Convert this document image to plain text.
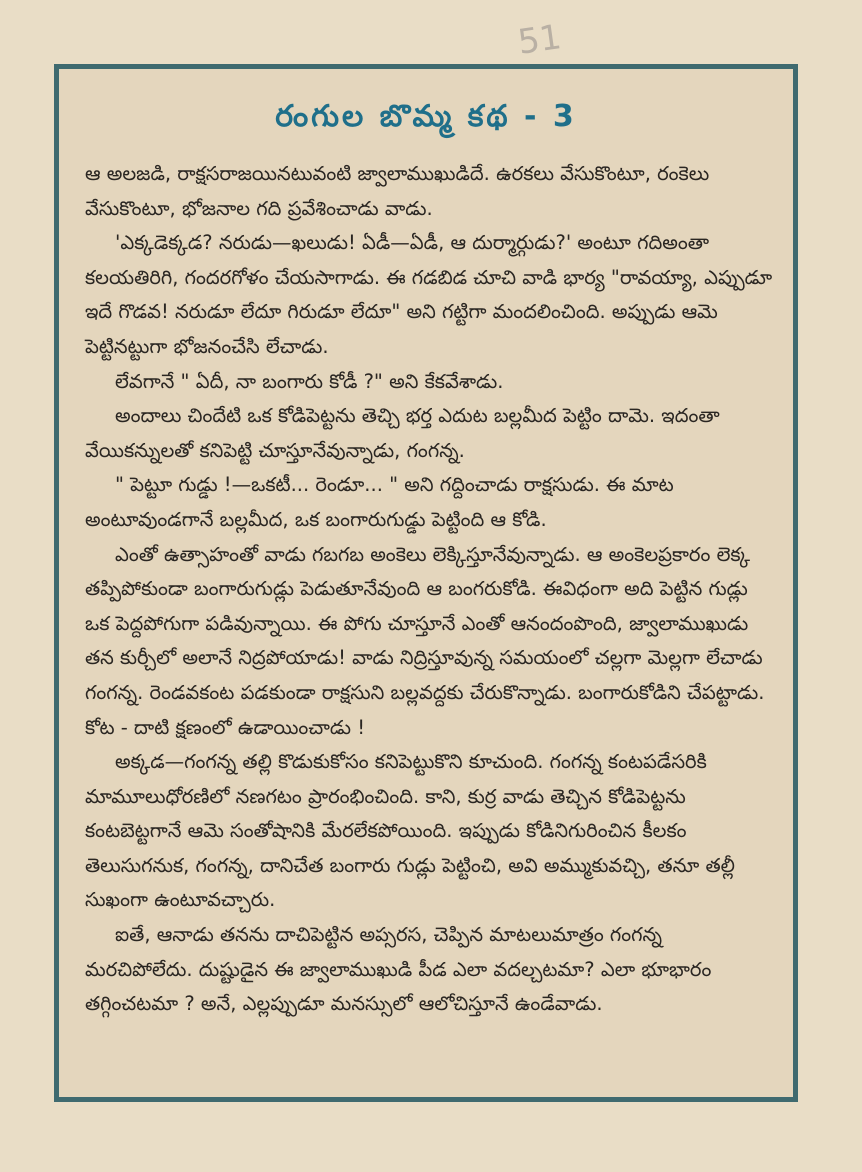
51
రంగుల బొమ్మ కథ - 3

ఆ అలజడి, రాక్షసరాజయినటువంటి జ్వాలాముఖుడిదే. ఉరకలు వేసుకొంటూ, రంకెలు వేసుకొంటూ, భోజనాల గది ప్రవేశించాడు వాడు.

'ఎక్కడెక్కడ? నరుడు—ఖలుడు! ఏడీ—ఏడీ, ఆ దుర్మార్గుడు?' అంటూ గదిఅంతా కలయతిరిగి, గందరగోళం చేయసాగాడు. ఈ గడబిడ చూచి వాడి భార్య "రావయ్యా, ఎప్పుడూ ఇదే గొడవ! నరుడూ లేదూ గిరుడూ లేదూ" అని గట్టిగా మందలించింది. అప్పుడు ఆమె పెట్టినట్టుగా భోజనంచేసి లేచాడు.

లేవగానే " ఏదీ, నా బంగారు కోడీ ?" అని కేకవేశాడు.

అందాలు చిందేటి ఒక కోడిపెట్టను తెచ్చి భర్త ఎదుట బల్లమీద పెట్టిం దామె. ఇదంతా వేయికన్నులతో కనిపెట్టి చూస్తూనేవున్నాడు, గంగన్న.

" పెట్టూ గుడ్డు !—ఒకటీ... రెండూ... " అని గద్దించాడు రాక్షసుడు. ఈ మాట అంటూవుండగానే బల్లమీద, ఒక బంగారుగుడ్డు పెట్టింది ఆ కోడి.

ఎంతో ఉత్సాహంతో వాడు గబగబ అంకెలు లెక్కిస్తూనేవున్నాడు. ఆ అంకెలప్రకారం లెక్క తప్పిపోకుండా బంగారుగుడ్లు పెడుతూనేవుంది ఆ బంగరుకోడి. ఈవిధంగా అది పెట్టిన గుడ్లు ఒక పెద్దపోగుగా పడివున్నాయి. ఈ పోగు చూస్తూనే ఎంతో ఆనందంపొంది, జ్వాలాముఖుడు తన కుర్చీలో అలానే నిద్రపోయాడు! వాడు నిద్రిస్తూవున్న సమయంలో చల్లగా మెల్లగా లేచాడు గంగన్న. రెండవకంట పడకుండా రాక్షసుని బల్లవద్దకు చేరుకొన్నాడు. బంగారుకోడిని చేపట్టాడు. కోట - దాటి క్షణంలో ఉడాయించాడు !

అక్కడ—గంగన్న తల్లి కొడుకుకోసం కనిపెట్టుకొని కూచుంది. గంగన్న కంటపడేసరికి మామూలుధోరణిలో నణగటం ప్రారంభించింది. కాని, కుర్ర వాడు తెచ్చిన కోడిపెట్టను కంటబెట్టగానే ఆమె సంతోషానికి మేరలేకపోయింది. ఇప్పుడు కోడినిగురించిన కీలకం తెలుసుగనుక, గంగన్న, దానిచేత బంగారు గుడ్లు పెట్టించి, అవి అమ్ముకువచ్చి, తనూ తల్లీ సుఖంగా ఉంటూవచ్చారు.

ఐతే, ఆనాడు తనను దాచిపెట్టిన అప్సరస, చెప్పిన మాటలుమాత్రం గంగన్న మరచిపోలేదు. దుష్టుడైన ఈ జ్వాలాముఖుడి పీడ ఎలా వదల్చటమా? ఎలా భూభారం తగ్గించటమా ? అనే, ఎల్లప్పుడూ మనస్సులో ఆలోచిస్తూనే ఉండేవాడు.
